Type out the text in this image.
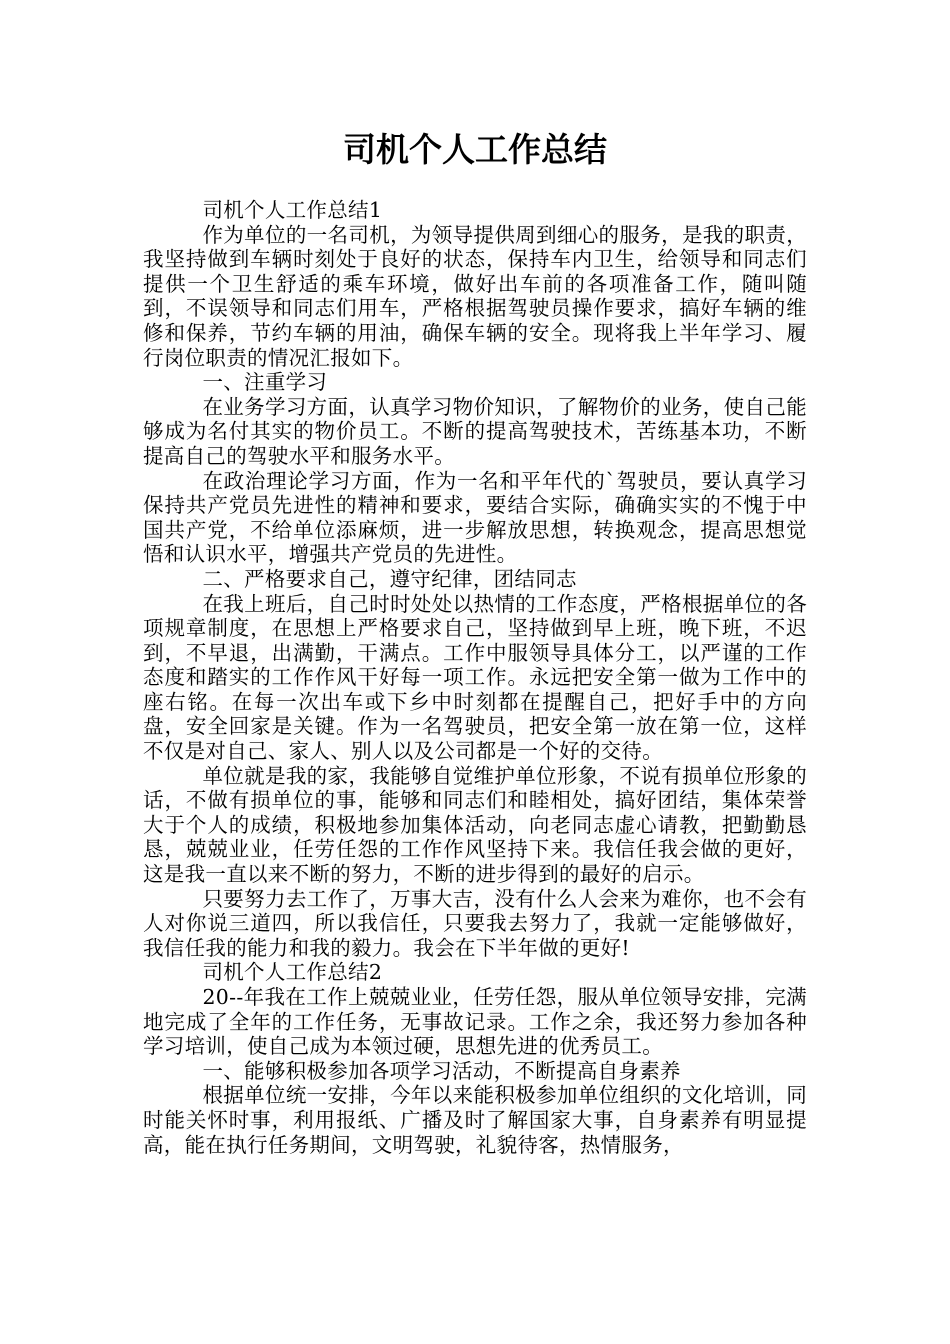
司机个人工作总结

司机个人工作总结1

作为单位的一名司机，为领导提供周到细心的服务，是我的职责，我坚持做到车辆时刻处于良好的状态，保持车内卫生，给领导和同志们提供一个卫生舒适的乘车环境，做好出车前的各项准备工作，随叫随到，不误领导和同志们用车，严格根据驾驶员操作要求，搞好车辆的维修和保养，节约车辆的用油，确保车辆的安全。现将我上半年学习、履行岗位职责的情况汇报如下。

一、注重学习

在业务学习方面，认真学习物价知识，了解物价的业务，使自己能够成为名付其实的物价员工。不断的提高驾驶技术，苦练基本功，不断提高自己的驾驶水平和服务水平。

在政治理论学习方面，作为一名和平年代的`驾驶员，要认真学习保持共产党员先进性的精神和要求，要结合实际，确确实实的不愧于中国共产党，不给单位添麻烦，进一步解放思想，转换观念，提高思想觉悟和认识水平，增强共产党员的先进性。

二、严格要求自己，遵守纪律，团结同志

在我上班后，自己时时处处以热情的工作态度，严格根据单位的各项规章制度，在思想上严格要求自己，坚持做到早上班，晚下班，不迟到，不早退，出满勤，干满点。工作中服领导具体分工，以严谨的工作态度和踏实的工作作风干好每一项工作。永远把安全第一做为工作中的座右铭。在每一次出车或下乡中时刻都在提醒自己，把好手中的方向盘，安全回家是关键。作为一名驾驶员，把安全第一放在第一位，这样不仅是对自己、家人、别人以及公司都是一个好的交待。

单位就是我的家，我能够自觉维护单位形象，不说有损单位形象的话，不做有损单位的事，能够和同志们和睦相处，搞好团结，集体荣誉大于个人的成绩，积极地参加集体活动，向老同志虚心请教，把勤勤恳恳，兢兢业业，任劳任怨的工作作风坚持下来。我信任我会做的更好，这是我一直以来不断的努力，不断的进步得到的最好的启示。

只要努力去工作了，万事大吉，没有什么人会来为难你，也不会有人对你说三道四，所以我信任，只要我去努力了，我就一定能够做好，我信任我的能力和我的毅力。我会在下半年做的更好!

司机个人工作总结2

20--年我在工作上兢兢业业，任劳任怨，服从单位领导安排，完满地完成了全年的工作任务，无事故记录。工作之余，我还努力参加各种学习培训，使自己成为本领过硬，思想先进的优秀员工。

一、能够积极参加各项学习活动，不断提高自身素养

根据单位统一安排，今年以来能积极参加单位组织的文化培训，同时能关怀时事，利用报纸、广播及时了解国家大事，自身素养有明显提高，能在执行任务期间，文明驾驶，礼貌待客，热情服务，
